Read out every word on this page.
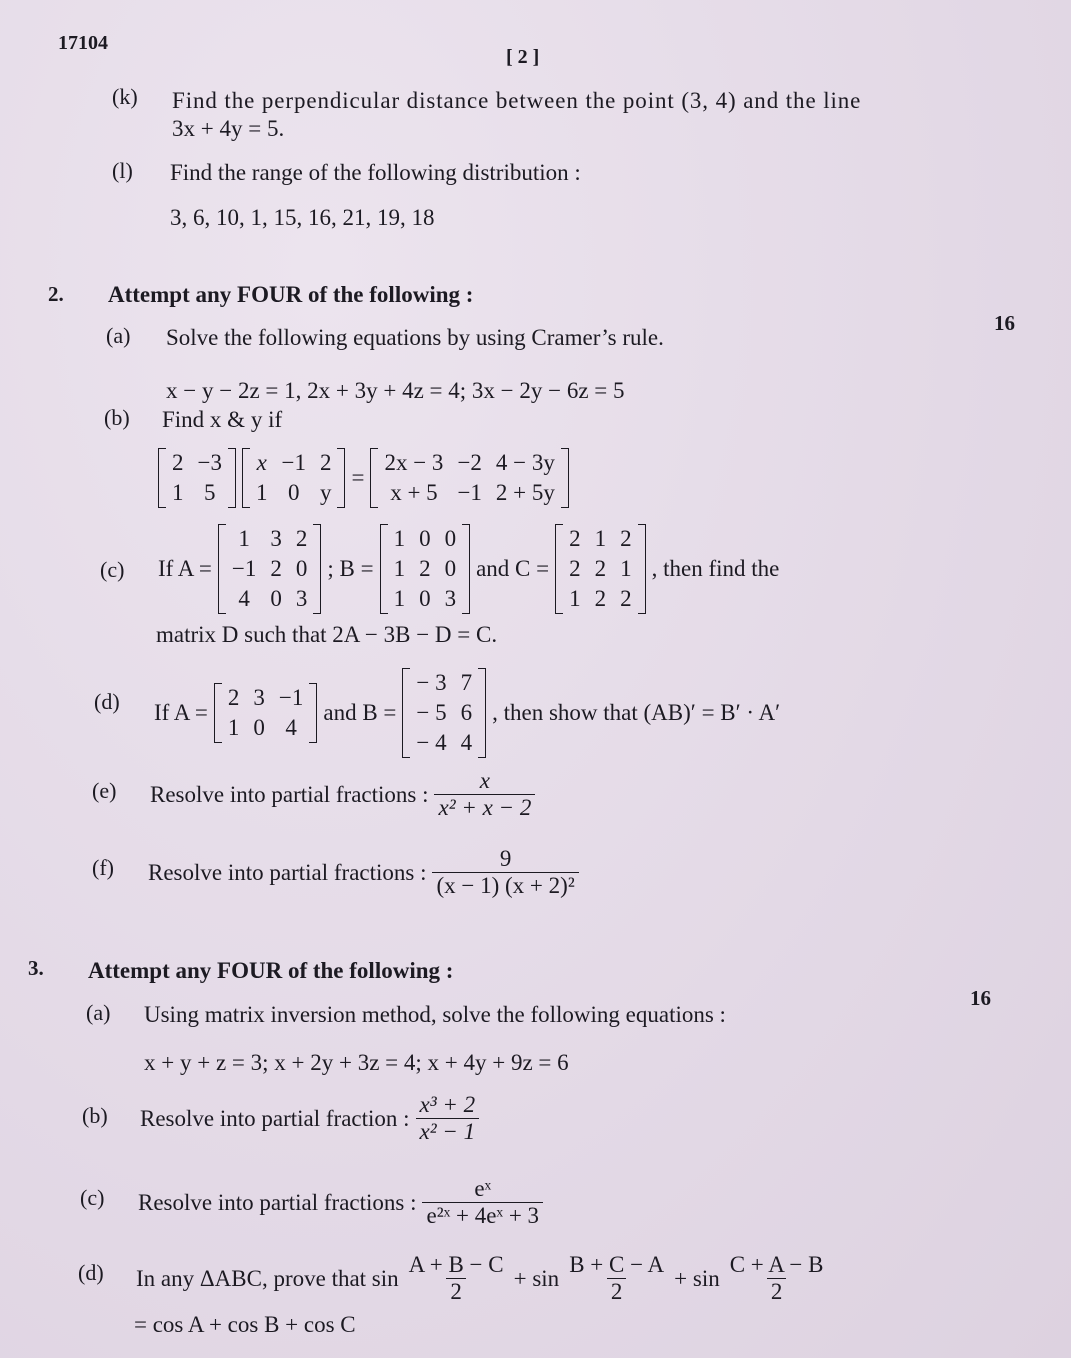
17104
[ 2 ]
(k) Find the perpendicular distance between the point (3, 4) and the line
3x + 4y = 5.
(l) Find the range of the following distribution :
3, 6, 10, 1, 15, 16, 21, 19, 18
2. Attempt any FOUR of the following :
16
(a) Solve the following equations by using Cramer’s rule.
x − y − 2z = 1, 2x + 3y + 4z = 4; 3x − 2y − 6z = 5
(b) Find x & y if
2 −3
1 5
x −1 2
1 0 y
=
2x − 3 −2 4 − 3y
x + 5 −1 2 + 5y
(c) If A =
1 3 2
−1 2 0
4 0 3
; B =
1 0 0
1 2 0
1 0 3
and C =
2 1 2
2 2 1
1 2 2
, then find the
matrix D such that 2A − 3B − D = C.
(d) If A =
2 3 −1
1 0 4
and B =
− 3 7
− 5 6
− 4 4
, then show that (AB)′ = B′ · A′
(e) Resolve into partial fractions : $\frac{x}{\text{x² + x − 2}}$
(f) Resolve into partial fractions : $\frac{9}{\text{(x − 1) (x + 2)²}}$
3. Attempt any FOUR of the following :
16
(a) Using matrix inversion method, solve the following equations :
x + y + z = 3; x + 2y + 3z = 4; x + 4y + 9z = 6
(b) Resolve into partial fraction : $\frac{\text{x³ + 2}}{\text{x² − 1}}$
(c) Resolve into partial fractions : $\frac{\text{eˣ}}{\text{e²ˣ + 4eˣ + 3}}$
(d) In any ΔABC, prove that $\sin \frac{A + B - C}{2} + \sin \frac{B + C - A}{2} + \sin \frac{C + A - B}{2}$
= cos A + cos B + cos C
